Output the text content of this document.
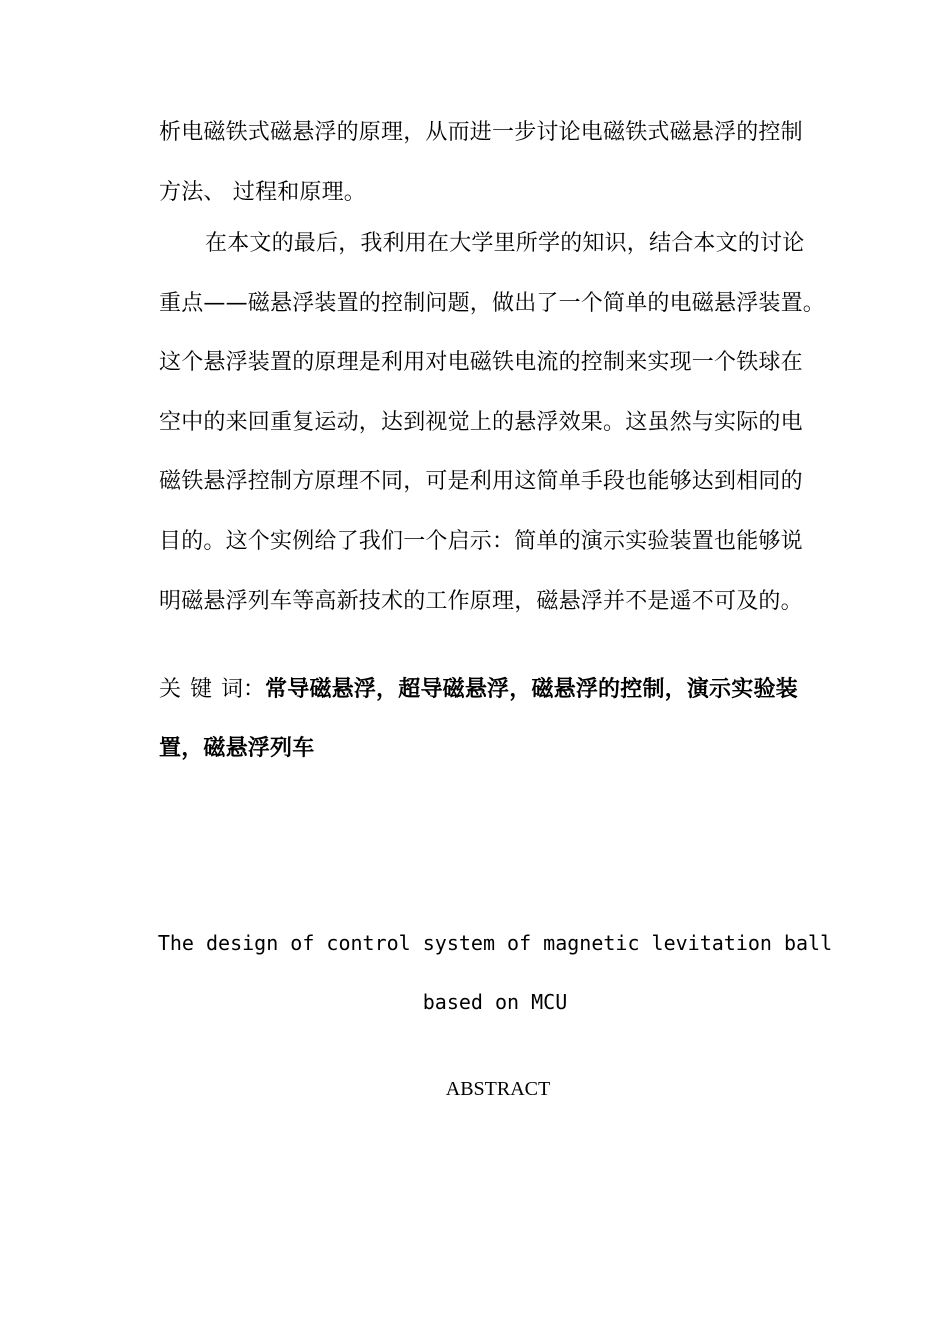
析电磁铁式磁悬浮的原理，从而进一步讨论电磁铁式磁悬浮的控制
方法、 过程和原理。
在本文的最后，我利用在大学里所学的知识，结合本文的讨论
重点——磁悬浮装置的控制问题，做出了一个简单的电磁悬浮装置。
这个悬浮装置的原理是利用对电磁铁电流的控制来实现一个铁球在
空中的来回重复运动，达到视觉上的悬浮效果。这虽然与实际的电
磁铁悬浮控制方原理不同，可是利用这简单手段也能够达到相同的
目的。这个实例给了我们一个启示：简单的演示实验装置也能够说
明磁悬浮列车等高新技术的工作原理，磁悬浮并不是遥不可及的。
关 键 词：常导磁悬浮，超导磁悬浮，磁悬浮的控制，演示实验装
置，磁悬浮列车
The design of control system of magnetic levitation ball
based on MCU
ABSTRACT
